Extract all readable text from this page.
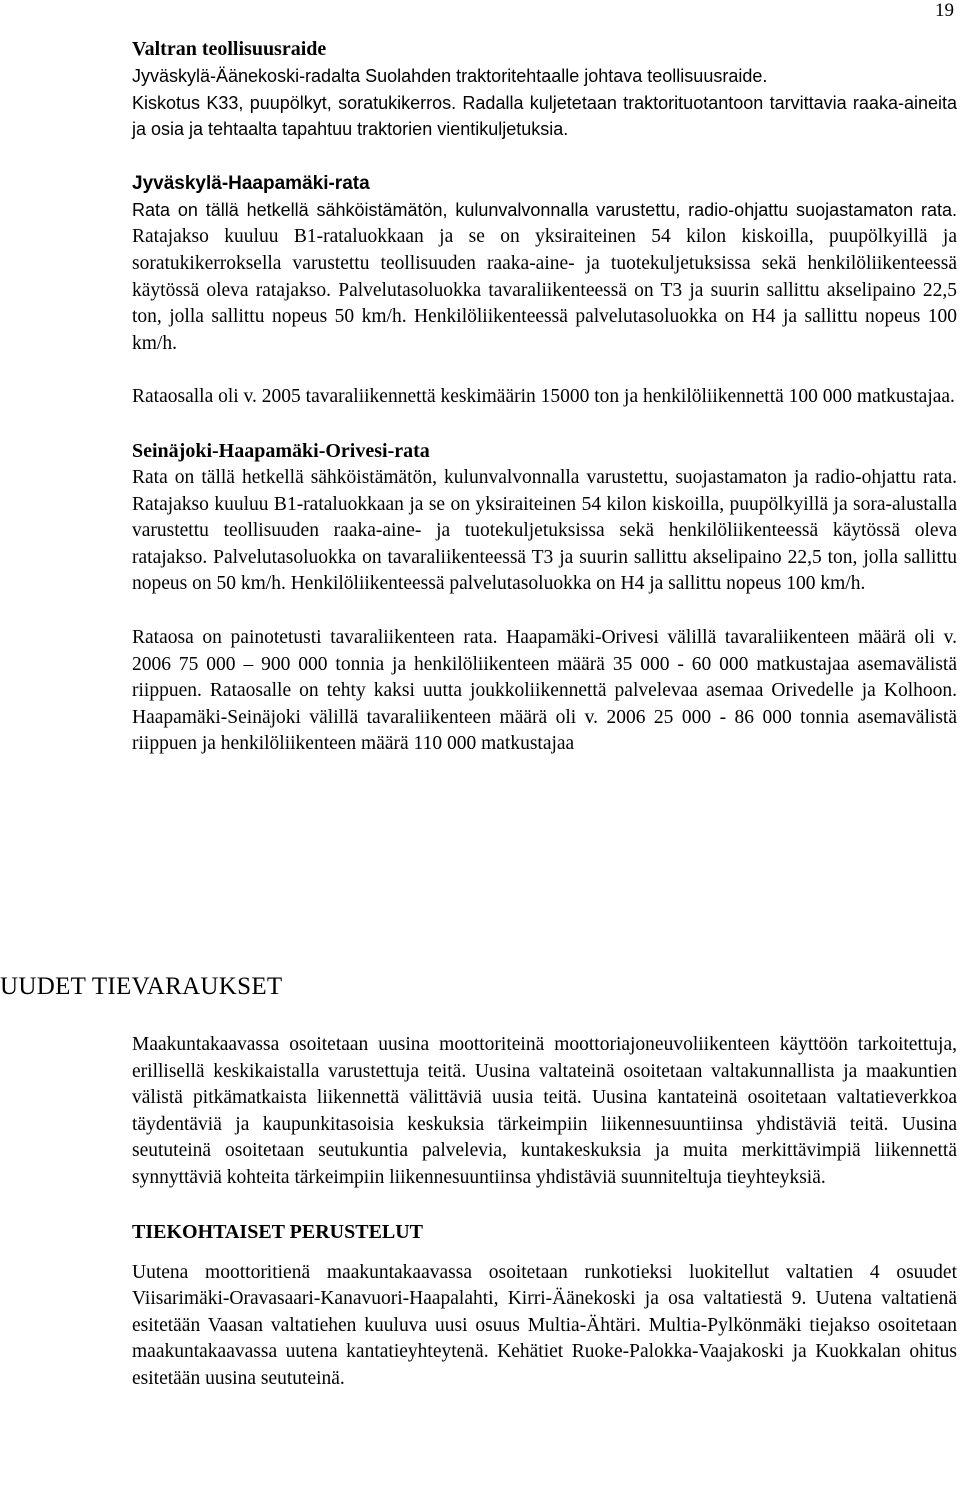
19
Valtran teollisuusraide

Jyväskylä-Äänekoski-radalta Suolahden traktoritehtaalle johtava teollisuusraide.

Kiskotus K33, puupölkyt, soratukikerros. Radalla kuljetetaan traktorituotantoon tarvittavia raaka-aineita ja osia ja tehtaalta tapahtuu traktorien vientikuljetuksia.

Jyväskylä-Haapamäki-rata

Rata on tällä hetkellä sähköistämätön, kulunvalvonnalla varustettu, radio-ohjattu suojastamaton rata. Ratajakso kuuluu B1-rataluokkaan ja se on yksiraiteinen 54 kilon kiskoilla, puupölkyillä ja soratukikerroksella varustettu teollisuuden raaka-aine- ja tuotekuljetuksissa sekä henkilöliikenteessä käytössä oleva ratajakso. Palvelutasoluokka tavaraliikenteessä on T3 ja suurin sallittu akselipaino 22,5 ton, jolla sallittu nopeus 50 km/h. Henkilöliikenteessä palvelutasoluokka on H4 ja sallittu nopeus 100 km/h.

Rataosalla oli v. 2005 tavaraliikennettä keskimäärin 15000 ton ja henkilöliikennettä 100 000 matkustajaa.

Seinäjoki-Haapamäki-Orivesi-rata

Rata on tällä hetkellä sähköistämätön, kulunvalvonnalla varustettu, suojastamaton ja radio-ohjattu rata. Ratajakso kuuluu B1-rataluokkaan ja se on yksiraiteinen 54 kilon kiskoilla, puupölkyillä ja sora-alustalla varustettu teollisuuden raaka-aine- ja tuotekuljetuksissa sekä henkilöliikenteessä käytössä oleva ratajakso. Palvelutasoluokka on tavaraliikenteessä T3 ja suurin sallittu akselipaino 22,5 ton, jolla sallittu nopeus on 50 km/h. Henkilöliikenteessä palvelutasoluokka on H4 ja sallittu nopeus 100 km/h.

Rataosa on painotetusti tavaraliikenteen rata. Haapamäki-Orivesi välillä tavaraliikenteen määrä oli v. 2006 75 000 – 900 000 tonnia ja henkilöliikenteen määrä 35 000 - 60 000 matkustajaa asemavälistä riippuen. Rataosalle on tehty kaksi uutta joukkoliikennettä palvelevaa asemaa Orivedelle ja Kolhoon. Haapamäki-Seinäjoki välillä tavaraliikenteen määrä oli v. 2006 25 000 - 86 000 tonnia asemavälistä riippuen ja henkilöliikenteen määrä 110 000 matkustajaa

UUDET TIEVARAUKSET

Maakuntakaavassa osoitetaan uusina moottoriteinä moottoriajoneuvoliikenteen käyttöön tarkoitettuja, erillisellä keskikaistalla varustettuja teitä. Uusina valtateinä osoitetaan valtakunnallista ja maakuntien välistä pitkämatkaista liikennettä välittäviä uusia teitä. Uusina kantateinä osoitetaan valtatieverkkoa täydentäviä ja kaupunkitasoisia keskuksia tärkeimpiin liikennesuuntiinsa yhdistäviä teitä. Uusina seututeinä osoitetaan seutukuntia palvelevia, kuntakeskuksia ja muita merkittävimpiä liikennettä synnyttäviä kohteita tärkeimpiin liikennesuuntiinsa yhdistäviä suunniteltuja tieyhteyksiä.

TIEKOHTAISET PERUSTELUT

Uutena moottoritienä maakuntakaavassa osoitetaan runkotieksi luokitellut valtatien 4 osuudet Viisarimäki-Oravasaari-Kanavuori-Haapalahti, Kirri-Äänekoski ja osa valtatiestä 9. Uutena valtatienä esitetään Vaasan valtatiehen kuuluva uusi osuus Multia-Ähtäri. Multia-Pylkönmäki tiejakso osoitetaan maakuntakaavassa uutena kantatieyhteytenä. Kehätiet Ruoke-Palokka-Vaajakoski ja Kuokkalan ohitus esitetään uusina seututeinä.
